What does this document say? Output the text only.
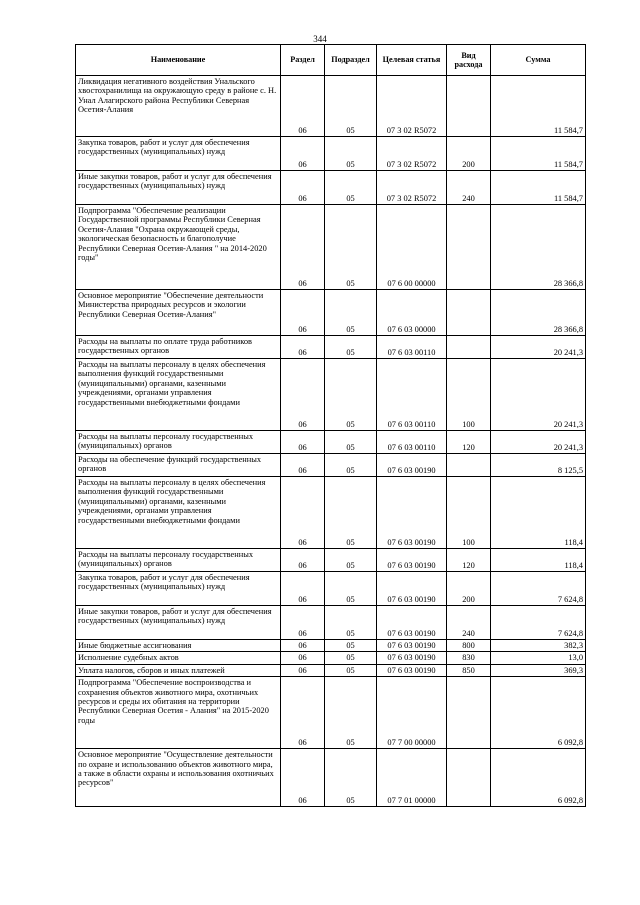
344
Наименование	Раздел	Подраздел	Целевая статья	Вид расхода	Сумма
Ликвидация негативного воздействия Унальского хвостохранилища на окружающую среду в районе с. Н. Унал Алагирского района Республики Северная Осетия-Алания	06	05	07 3 02 R5072		11 584,7
Закупка товаров, работ и услуг для обеспечения государственных (муниципальных) нужд	06	05	07 3 02 R5072	200	11 584,7
Иные закупки товаров, работ и услуг для обеспечения государственных (муниципальных) нужд	06	05	07 3 02 R5072	240	11 584,7
Подпрограмма "Обеспечение реализации Государственной программы Республики Северная Осетия-Алания "Охрана окружающей среды, экологическая безопасность и благополучие Республики Северная Осетия-Алания " на 2014-2020 годы"	06	05	07 6 00 00000		28 366,8
Основное мероприятие "Обеспечение деятельности Министерства природных ресурсов и экологии Республики Северная Осетия-Алания"	06	05	07 6 03 00000		28 366,8
Расходы на выплаты по оплате труда работников государственных органов	06	05	07 6 03 00110		20 241,3
Расходы на выплаты персоналу в целях обеспечения выполнения функций государственными (муниципальными) органами, казенными учреждениями, органами управления государственными внебюджетными фондами	06	05	07 6 03 00110	100	20 241,3
Расходы на выплаты персоналу государственных (муниципальных) органов	06	05	07 6 03 00110	120	20 241,3
Расходы на обеспечение функций государственных органов	06	05	07 6 03 00190		8 125,5
Расходы на выплаты персоналу в целях обеспечения выполнения функций государственными (муниципальными) органами, казенными учреждениями, органами управления государственными внебюджетными фондами	06	05	07 6 03 00190	100	118,4
Расходы на выплаты персоналу государственных (муниципальных) органов	06	05	07 6 03 00190	120	118,4
Закупка товаров, работ и услуг для обеспечения государственных (муниципальных) нужд	06	05	07 6 03 00190	200	7 624,8
Иные закупки товаров, работ и услуг для обеспечения государственных (муниципальных) нужд	06	05	07 6 03 00190	240	7 624,8
Иные бюджетные ассигнования	06	05	07 6 03 00190	800	382,3
Исполнение судебных актов	06	05	07 6 03 00190	830	13,0
Уплата налогов, сборов и иных платежей	06	05	07 6 03 00190	850	369,3
Подпрограмма "Обеспечение воспроизводства и сохранения объектов животного мира, охотничьих ресурсов и среды их обитания на территории Республики Северная Осетия - Алания" на 2015-2020 годы	06	05	07 7 00 00000		6 092,8
Основное мероприятие "Осуществление деятельности по охране и использованию объектов животного мира, а также в области охраны и использования охотничьих ресурсов"	06	05	07 7 01 00000		6 092,8
